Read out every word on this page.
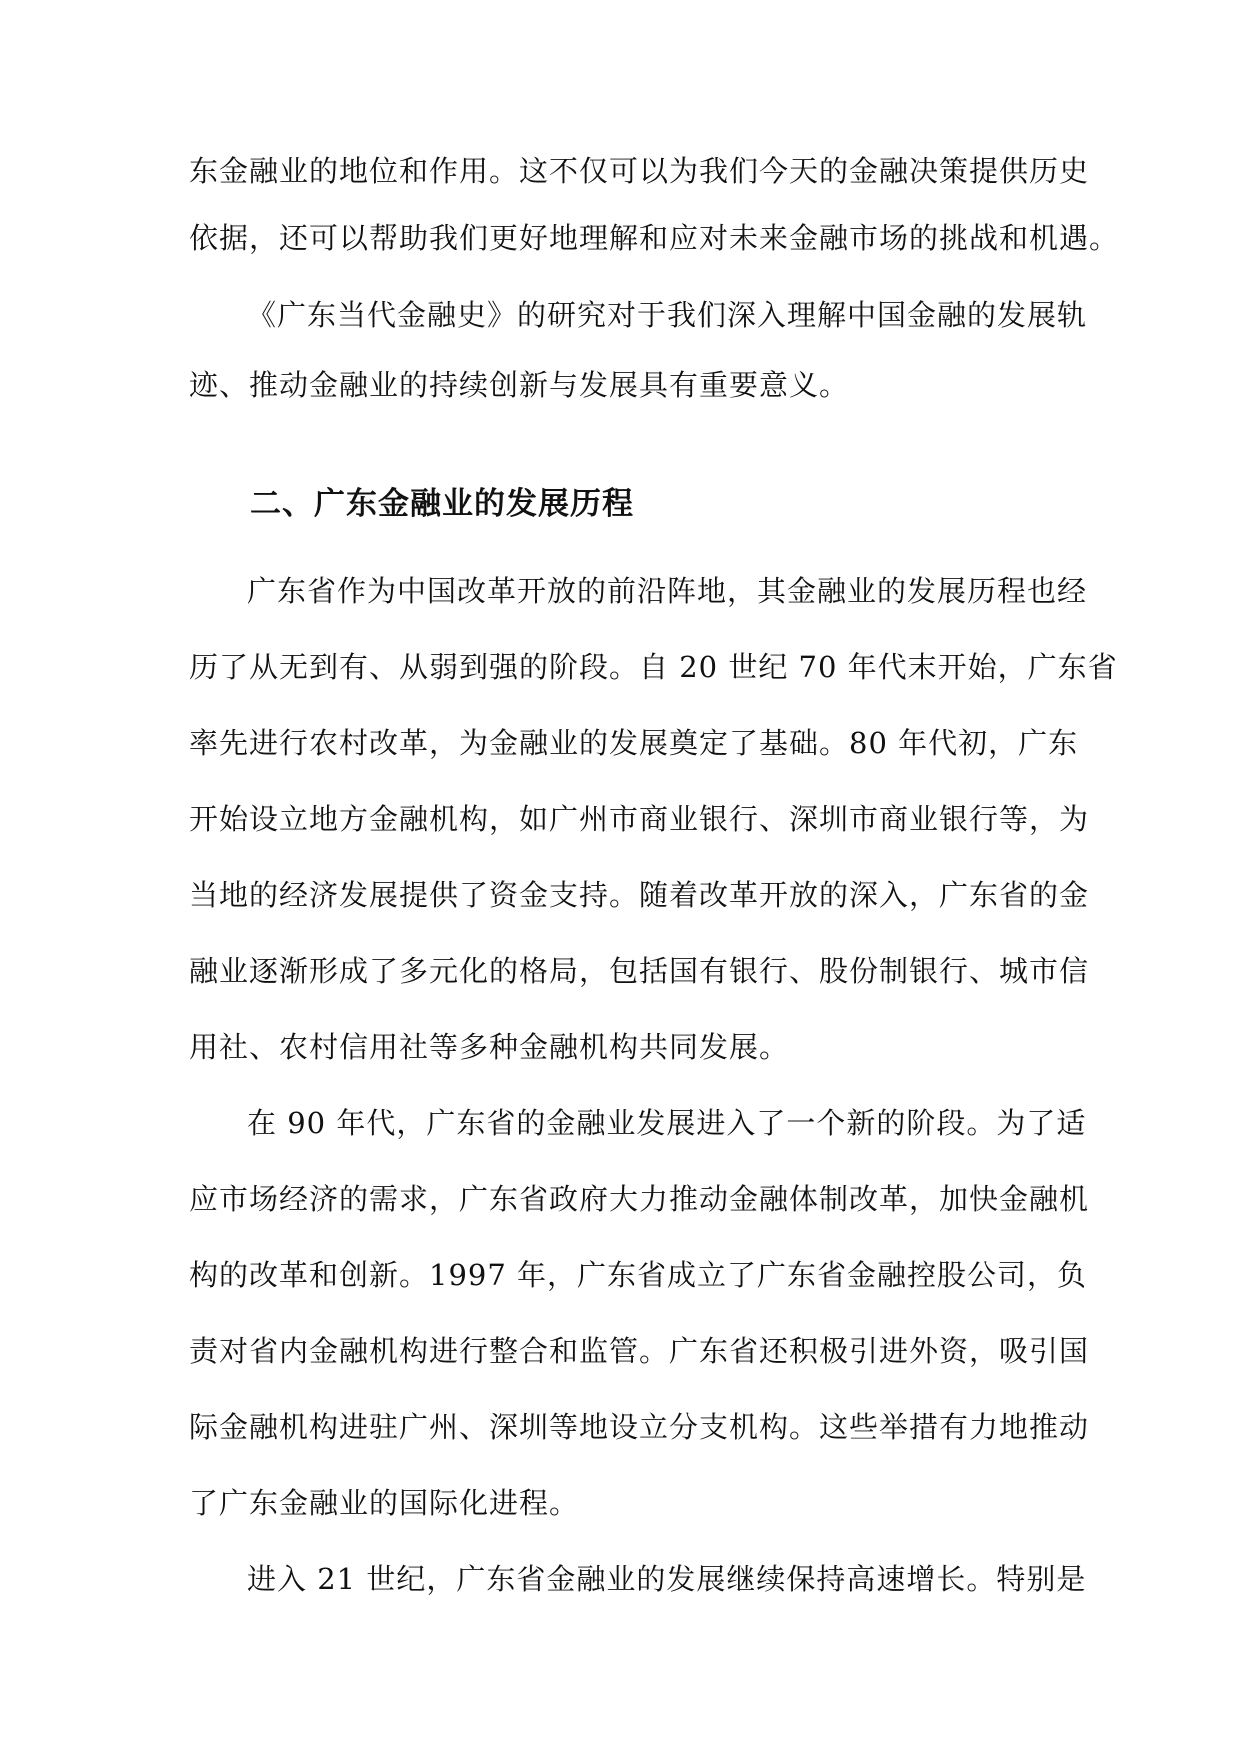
东金融业的地位和作用。这不仅可以为我们今天的金融决策提供历史
依据，还可以帮助我们更好地理解和应对未来金融市场的挑战和机遇。
《广东当代金融史》的研究对于我们深入理解中国金融的发展轨
迹、推动金融业的持续创新与发展具有重要意义。
二、广东金融业的发展历程
广东省作为中国改革开放的前沿阵地，其金融业的发展历程也经
历了从无到有、从弱到强的阶段。自 20 世纪 70 年代末开始，广东省
率先进行农村改革，为金融业的发展奠定了基础。80 年代初，广东
开始设立地方金融机构，如广州市商业银行、深圳市商业银行等，为
当地的经济发展提供了资金支持。随着改革开放的深入，广东省的金
融业逐渐形成了多元化的格局，包括国有银行、股份制银行、城市信
用社、农村信用社等多种金融机构共同发展。
在 90 年代，广东省的金融业发展进入了一个新的阶段。为了适
应市场经济的需求，广东省政府大力推动金融体制改革，加快金融机
构的改革和创新。1997 年，广东省成立了广东省金融控股公司，负
责对省内金融机构进行整合和监管。广东省还积极引进外资，吸引国
际金融机构进驻广州、深圳等地设立分支机构。这些举措有力地推动
了广东金融业的国际化进程。
进入 21 世纪，广东省金融业的发展继续保持高速增长。特别是
